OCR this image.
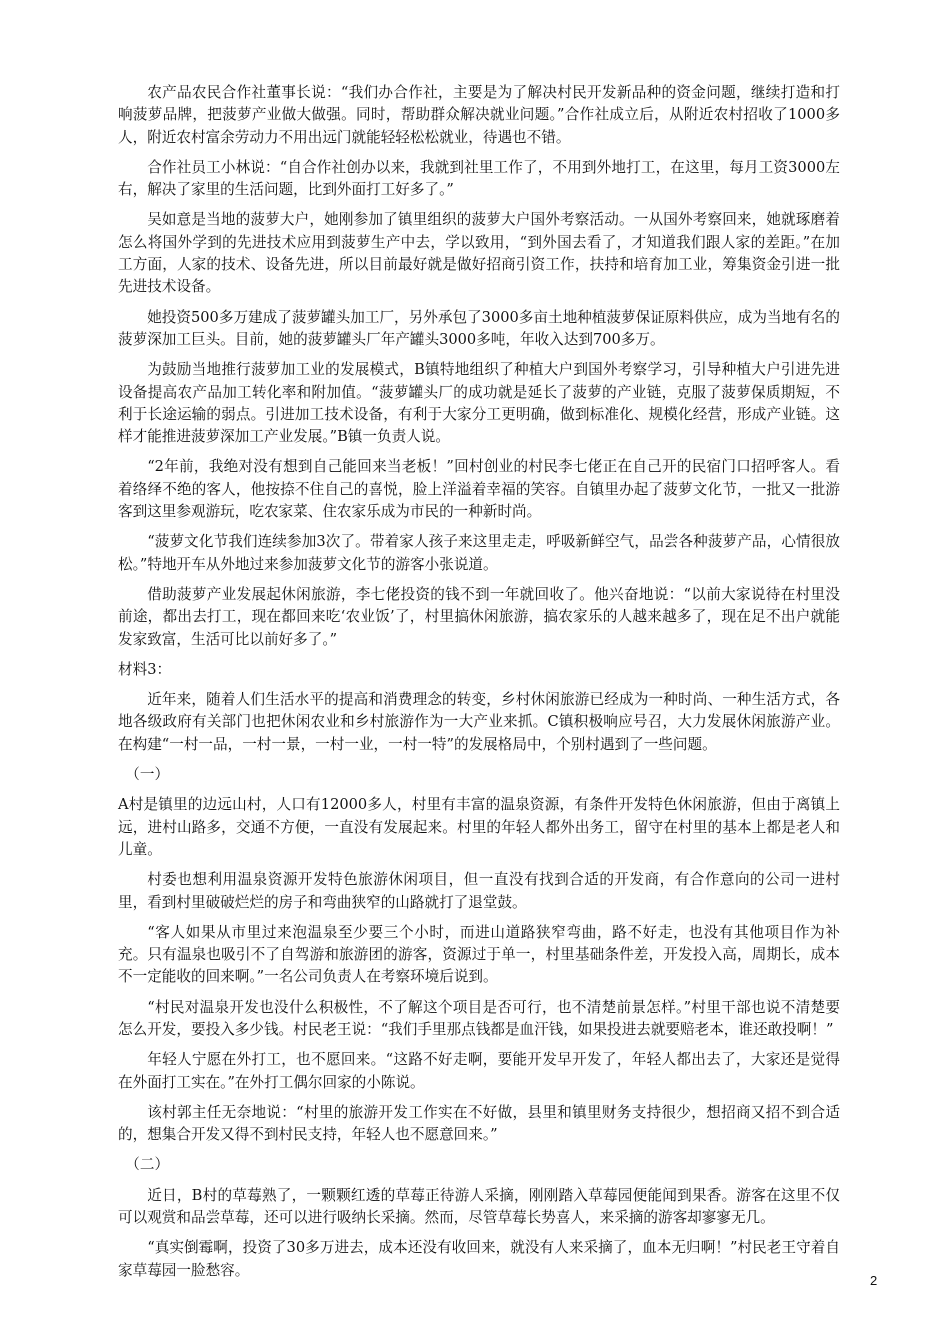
农产品农民合作社董事长说：“我们办合作社，主要是为了解决村民开发新品种的资金问题，继续打造和打响菠萝品牌，把菠萝产业做大做强。同时，帮助群众解决就业问题。”合作社成立后，从附近农村招收了1000多人，附近农村富余劳动力不用出远门就能轻轻松松就业，待遇也不错。

合作社员工小林说：“自合作社创办以来，我就到社里工作了，不用到外地打工，在这里，每月工资3000左右，解决了家里的生活问题，比到外面打工好多了。”

吴如意是当地的菠萝大户，她刚参加了镇里组织的菠萝大户国外考察活动。一从国外考察回来，她就琢磨着怎么将国外学到的先进技术应用到菠萝生产中去，学以致用，“到外国去看了，才知道我们跟人家的差距。”在加工方面，人家的技术、设备先进，所以目前最好就是做好招商引资工作，扶持和培育加工业，筹集资金引进一批先进技术设备。

她投资500多万建成了菠萝罐头加工厂，另外承包了3000多亩土地种植菠萝保证原料供应，成为当地有名的菠萝深加工巨头。目前，她的菠萝罐头厂年产罐头3000多吨，年收入达到700多万。

为鼓励当地推行菠萝加工业的发展模式，B镇特地组织了种植大户到国外考察学习，引导种植大户引进先进设备提高农产品加工转化率和附加值。“菠萝罐头厂的成功就是延长了菠萝的产业链，克服了菠萝保质期短，不利于长途运输的弱点。引进加工技术设备，有利于大家分工更明确，做到标准化、规模化经营，形成产业链。这样才能推进菠萝深加工产业发展。”B镇一负责人说。

“2年前，我绝对没有想到自己能回来当老板！”回村创业的村民李七佬正在自己开的民宿门口招呼客人。看着络绎不绝的客人，他按捺不住自己的喜悦，脸上洋溢着幸福的笑容。自镇里办起了菠萝文化节，一批又一批游客到这里参观游玩，吃农家菜、住农家乐成为市民的一种新时尚。

“菠萝文化节我们连续参加3次了。带着家人孩子来这里走走，呼吸新鲜空气，品尝各种菠萝产品，心情很放松。”特地开车从外地过来参加菠萝文化节的游客小张说道。

借助菠萝产业发展起休闲旅游，李七佬投资的钱不到一年就回收了。他兴奋地说：“以前大家说待在村里没前途，都出去打工，现在都回来吃‘农业饭’了，村里搞休闲旅游，搞农家乐的人越来越多了，现在足不出户就能发家致富，生活可比以前好多了。”

材料3：

近年来，随着人们生活水平的提高和消费理念的转变，乡村休闲旅游已经成为一种时尚、一种生活方式，各地各级政府有关部门也把休闲农业和乡村旅游作为一大产业来抓。C镇积极响应号召，大力发展休闲旅游产业。在构建“一村一品，一村一景，一村一业，一村一特”的发展格局中，个别村遇到了一些问题。

（一）

A村是镇里的边远山村，人口有12000多人，村里有丰富的温泉资源，有条件开发特色休闲旅游，但由于离镇上远，进村山路多，交通不方便，一直没有发展起来。村里的年轻人都外出务工，留守在村里的基本上都是老人和儿童。

村委也想利用温泉资源开发特色旅游休闲项目，但一直没有找到合适的开发商，有合作意向的公司一进村里，看到村里破破烂烂的房子和弯曲狭窄的山路就打了退堂鼓。

“客人如果从市里过来泡温泉至少要三个小时，而进山道路狭窄弯曲，路不好走，也没有其他项目作为补充。只有温泉也吸引不了自驾游和旅游团的游客，资源过于单一，村里基础条件差，开发投入高，周期长，成本不一定能收的回来啊。”一名公司负责人在考察环境后说到。

“村民对温泉开发也没什么积极性，不了解这个项目是否可行，也不清楚前景怎样。”村里干部也说不清楚要怎么开发，要投入多少钱。村民老王说：“我们手里那点钱都是血汗钱，如果投进去就要赔老本，谁还敢投啊！”

年轻人宁愿在外打工，也不愿回来。“这路不好走啊，要能开发早开发了，年轻人都出去了，大家还是觉得在外面打工实在。”在外打工偶尔回家的小陈说。

该村郭主任无奈地说：“村里的旅游开发工作实在不好做，县里和镇里财务支持很少，想招商又招不到合适的，想集合开发又得不到村民支持，年轻人也不愿意回来。”

（二）

近日，B村的草莓熟了，一颗颗红透的草莓正待游人采摘，刚刚踏入草莓园便能闻到果香。游客在这里不仅可以观赏和品尝草莓，还可以进行吸纳长采摘。然而，尽管草莓长势喜人，来采摘的游客却寥寥无几。

“真实倒霉啊，投资了30多万进去，成本还没有收回来，就没有人来采摘了，血本无归啊！”村民老王守着自家草莓园一脸愁容。

2
